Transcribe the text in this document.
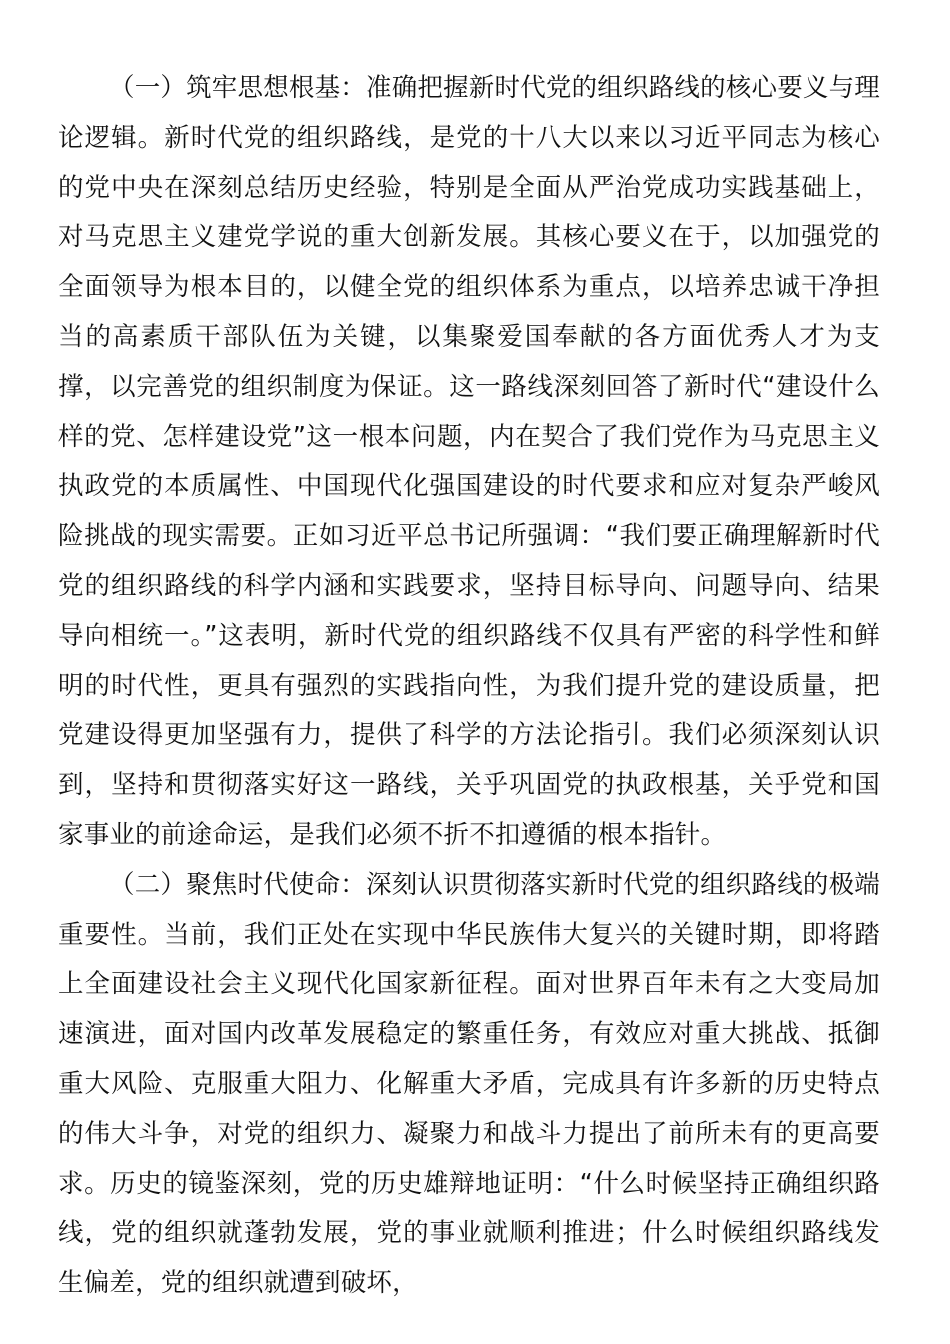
（一）筑牢思想根基：准确把握新时代党的组织路线的核心要义与理论逻辑。新时代党的组织路线，是党的十八大以来以习近平同志为核心的党中央在深刻总结历史经验，特别是全面从严治党成功实践基础上，对马克思主义建党学说的重大创新发展。其核心要义在于，以加强党的全面领导为根本目的，以健全党的组织体系为重点，以培养忠诚干净担当的高素质干部队伍为关键，以集聚爱国奉献的各方面优秀人才为支撑，以完善党的组织制度为保证。这一路线深刻回答了新时代“建设什么样的党、怎样建设党”这一根本问题，内在契合了我们党作为马克思主义执政党的本质属性、中国现代化强国建设的时代要求和应对复杂严峻风险挑战的现实需要。正如习近平总书记所强调：“我们要正确理解新时代党的组织路线的科学内涵和实践要求，坚持目标导向、问题导向、结果导向相统一。”这表明，新时代党的组织路线不仅具有严密的科学性和鲜明的时代性，更具有强烈的实践指向性，为我们提升党的建设质量，把党建设得更加坚强有力，提供了科学的方法论指引。我们必须深刻认识到，坚持和贯彻落实好这一路线，关乎巩固党的执政根基，关乎党和国家事业的前途命运，是我们必须不折不扣遵循的根本指针。

（二）聚焦时代使命：深刻认识贯彻落实新时代党的组织路线的极端重要性。当前，我们正处在实现中华民族伟大复兴的关键时期，即将踏上全面建设社会主义现代化国家新征程。面对世界百年未有之大变局加速演进，面对国内改革发展稳定的繁重任务，有效应对重大挑战、抵御重大风险、克服重大阻力、化解重大矛盾，完成具有许多新的历史特点的伟大斗争，对党的组织力、凝聚力和战斗力提出了前所未有的更高要求。历史的镜鉴深刻，党的历史雄辩地证明：“什么时候坚持正确组织路线，党的组织就蓬勃发展，党的事业就顺利推进；什么时候组织路线发生偏差，党的组织就遭到破坏，
